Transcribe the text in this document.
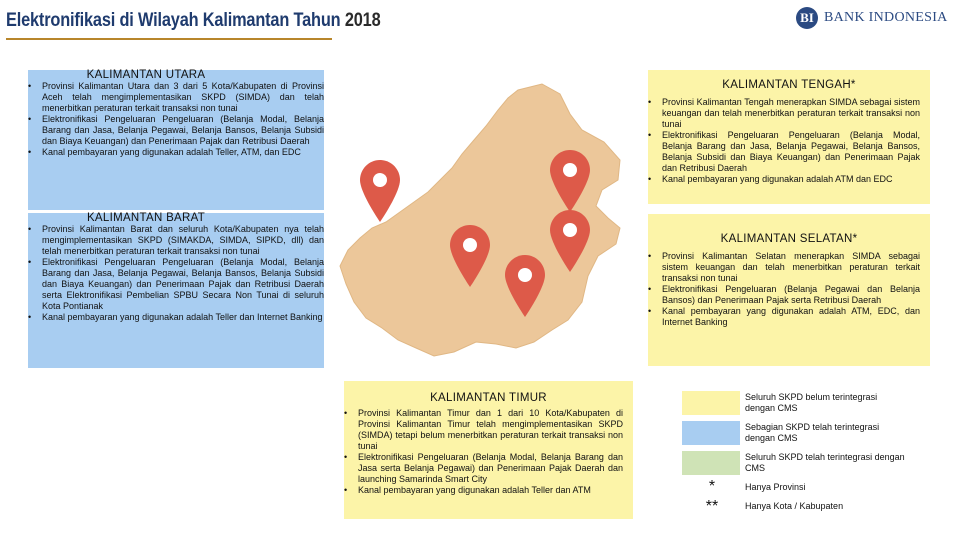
Elektronifikasi di Wilayah Kalimantan Tahun 2018	BI BANK INDONESIA
KALIMANTAN UTARA
• Provinsi Kalimantan Utara dan 3 dari 5 Kota/Kabupaten di Provinsi Aceh telah mengimplementasikan SKPD (SIMDA) dan telah menerbitkan peraturan terkait transaksi non tunai
• Elektronifikasi Pengeluaran Pengeluaran (Belanja Modal, Belanja Barang dan Jasa, Belanja Pegawai, Belanja Bansos, Belanja Subsidi dan Biaya Keuangan) dan Penerimaan Pajak dan Retribusi Daerah
• Kanal pembayaran yang digunakan adalah Teller, ATM, dan EDC
KALIMANTAN BARAT
• Provinsi Kalimantan Barat dan seluruh Kota/Kabupaten nya telah mengimplementasikan SKPD (SIMAKDA, SIMDA, SIPKD, dll) dan telah menerbitkan peraturan terkait transaksi non tunai
• Elektronifikasi Pengeluaran Pengeluaran (Belanja Modal, Belanja Barang dan Jasa, Belanja Pegawai, Belanja Bansos, Belanja Subsidi dan Biaya Keuangan) dan Penerimaan Pajak dan Retribusi Daerah serta Elektronifikasi Pembelian SPBU Secara Non Tunai di seluruh Kota Pontianak
• Kanal pembayaran yang digunakan adalah Teller dan Internet Banking
KALIMANTAN TENGAH*
• Provinsi Kalimantan Tengah menerapkan SIMDA sebagai sistem keuangan dan telah menerbitkan peraturan terkait transaksi non tunai
• Elektronifikasi Pengeluaran Pengeluaran (Belanja Modal, Belanja Barang dan Jasa, Belanja Pegawai, Belanja Bansos, Belanja Subsidi dan Biaya Keuangan) dan Penerimaan Pajak dan Retribusi Daerah
• Kanal pembayaran yang digunakan adalah ATM dan EDC
KALIMANTAN SELATAN*
• Provinsi Kalimantan Selatan menerapkan SIMDA sebagai sistem keuangan dan telah menerbitkan peraturan terkait transaksi non tunai
• Elektronifikasi Pengeluaran (Belanja Pegawai dan Belanja Bansos) dan Penerimaan Pajak serta Retribusi Daerah
• Kanal pembayaran yang digunakan adalah ATM, EDC, dan Internet Banking
KALIMANTAN TIMUR
• Provinsi Kalimantan Timur dan 1 dari 10 Kota/Kabupaten di Provinsi Kalimantan Timur telah mengimplementasikan SKPD (SIMDA) tetapi belum menerbitkan peraturan terkait transaksi non tunai
• Elektronifikasi Pengeluaran (Belanja Modal, Belanja Barang dan Jasa serta Belanja Pegawai) dan Penerimaan Pajak Daerah dan launching Samarinda Smart City
• Kanal pembayaran yang digunakan adalah Teller dan ATM
Seluruh SKPD belum terintegrasi dengan CMS
Sebagian SKPD telah terintegrasi dengan CMS
Seluruh SKPD telah terintegrasi dengan CMS
*	Hanya Provinsi
**	Hanya Kota / Kabupaten
